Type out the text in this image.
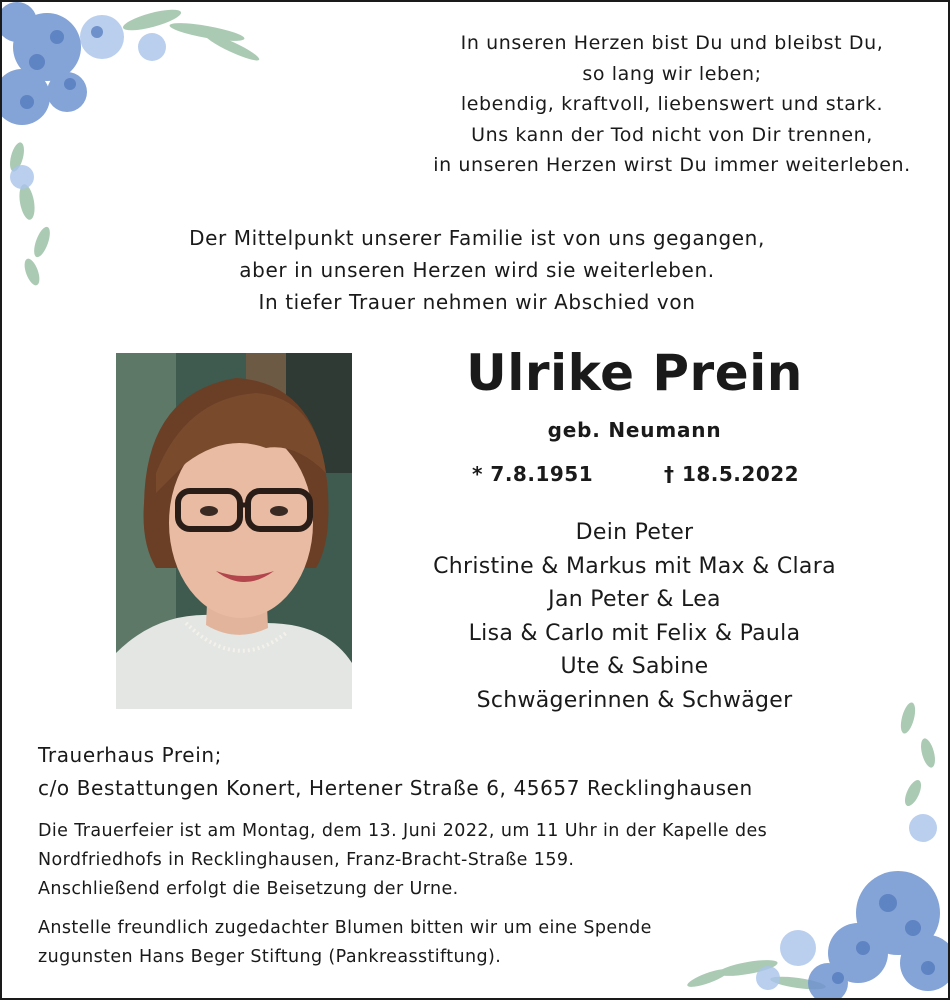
In unseren Herzen bist Du und bleibst Du,
so lang wir leben;
lebendig, kraftvoll, liebenswert und stark.
Uns kann der Tod nicht von Dir trennen,
in unseren Herzen wirst Du immer weiterleben.
Der Mittelpunkt unserer Familie ist von uns gegangen,
aber in unseren Herzen wird sie weiterleben.
In tiefer Trauer nehmen wir Abschied von
Ulrike Prein
geb. Neumann
* 7.8.1951	† 18.5.2022
Dein Peter
Christine & Markus mit Max & Clara
Jan Peter & Lea
Lisa & Carlo mit Felix & Paula
Ute & Sabine
Schwägerinnen & Schwäger
Trauerhaus Prein;
c/o Bestattungen Konert, Hertener Straße 6, 45657 Recklinghausen
Die Trauerfeier ist am Montag, dem 13. Juni 2022, um 11 Uhr in der Kapelle des
Nordfriedhofs in Recklinghausen, Franz-Bracht-Straße 159.
Anschließend erfolgt die Beisetzung der Urne.
Anstelle freundlich zugedachter Blumen bitten wir um eine Spende
zugunsten Hans Beger Stiftung (Pankreasstiftung).
